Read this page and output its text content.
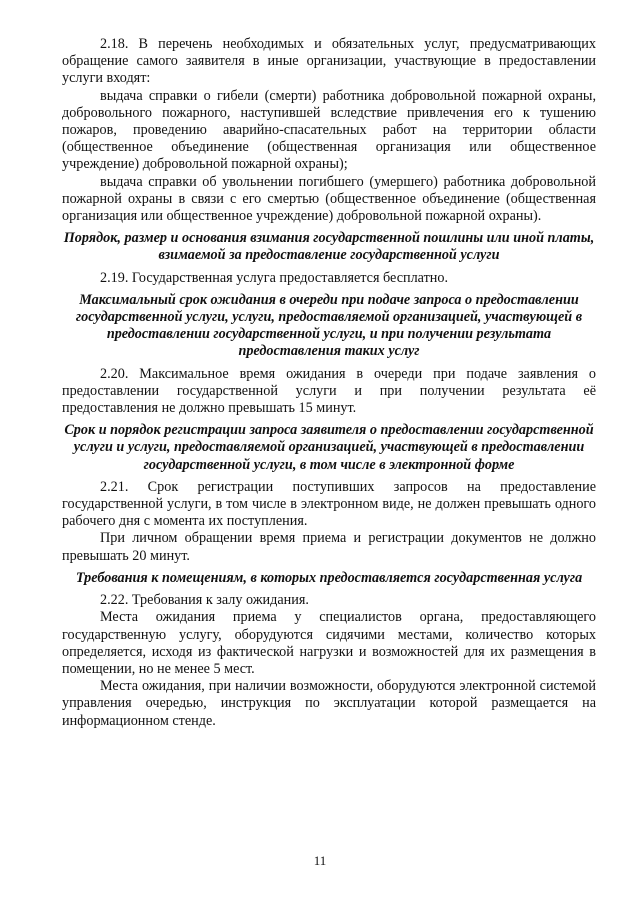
2.18. В перечень необходимых и обязательных услуг, предусматривающих обращение самого заявителя в иные организации, участвующие в предоставлении услуги входят:

выдача справки о гибели (смерти) работника добровольной пожарной охраны, добровольного пожарного, наступившей вследствие привлечения его к тушению пожаров, проведению аварийно-спасательных работ на территории области (общественное объединение (общественная организация или общественное учреждение) добровольной пожарной охраны);

выдача справки об увольнении погибшего (умершего) работника добровольной пожарной охраны в связи с его смертью (общественное объединение (общественная организация или общественное учреждение) добровольной пожарной охраны).

Порядок, размер и основания взимания государственной пошлины или иной платы, взимаемой за предоставление государственной услуги

2.19. Государственная услуга предоставляется бесплатно.

Максимальный срок ожидания в очереди при подаче запроса о предоставлении государственной услуги, услуги, предоставляемой организацией, участвующей в предоставлении государственной услуги, и при получении результата предоставления таких услуг

2.20. Максимальное время ожидания в очереди при подаче заявления о предоставлении государственной услуги и при получении результата её предоставления не должно превышать 15 минут.

Срок и порядок регистрации запроса заявителя о предоставлении государственной услуги и услуги, предоставляемой организацией, участвующей в предоставлении государственной услуги, в том числе в электронной форме

2.21. Срок регистрации поступивших запросов на предоставление государственной услуги, в том числе в электронном виде, не должен превышать одного рабочего дня с момента их поступления.

При личном обращении время приема и регистрации документов не должно превышать 20 минут.

Требования к помещениям, в которых предоставляется государственная услуга

2.22. Требования к залу ожидания.

Места ожидания приема у специалистов органа, предоставляющего государственную услугу, оборудуются сидячими местами, количество которых определяется, исходя из фактической нагрузки и возможностей для их размещения в помещении, но не менее 5 мест.

Места ожидания, при наличии возможности, оборудуются электронной системой управления очередью, инструкция по эксплуатации которой размещается на информационном стенде.

11
